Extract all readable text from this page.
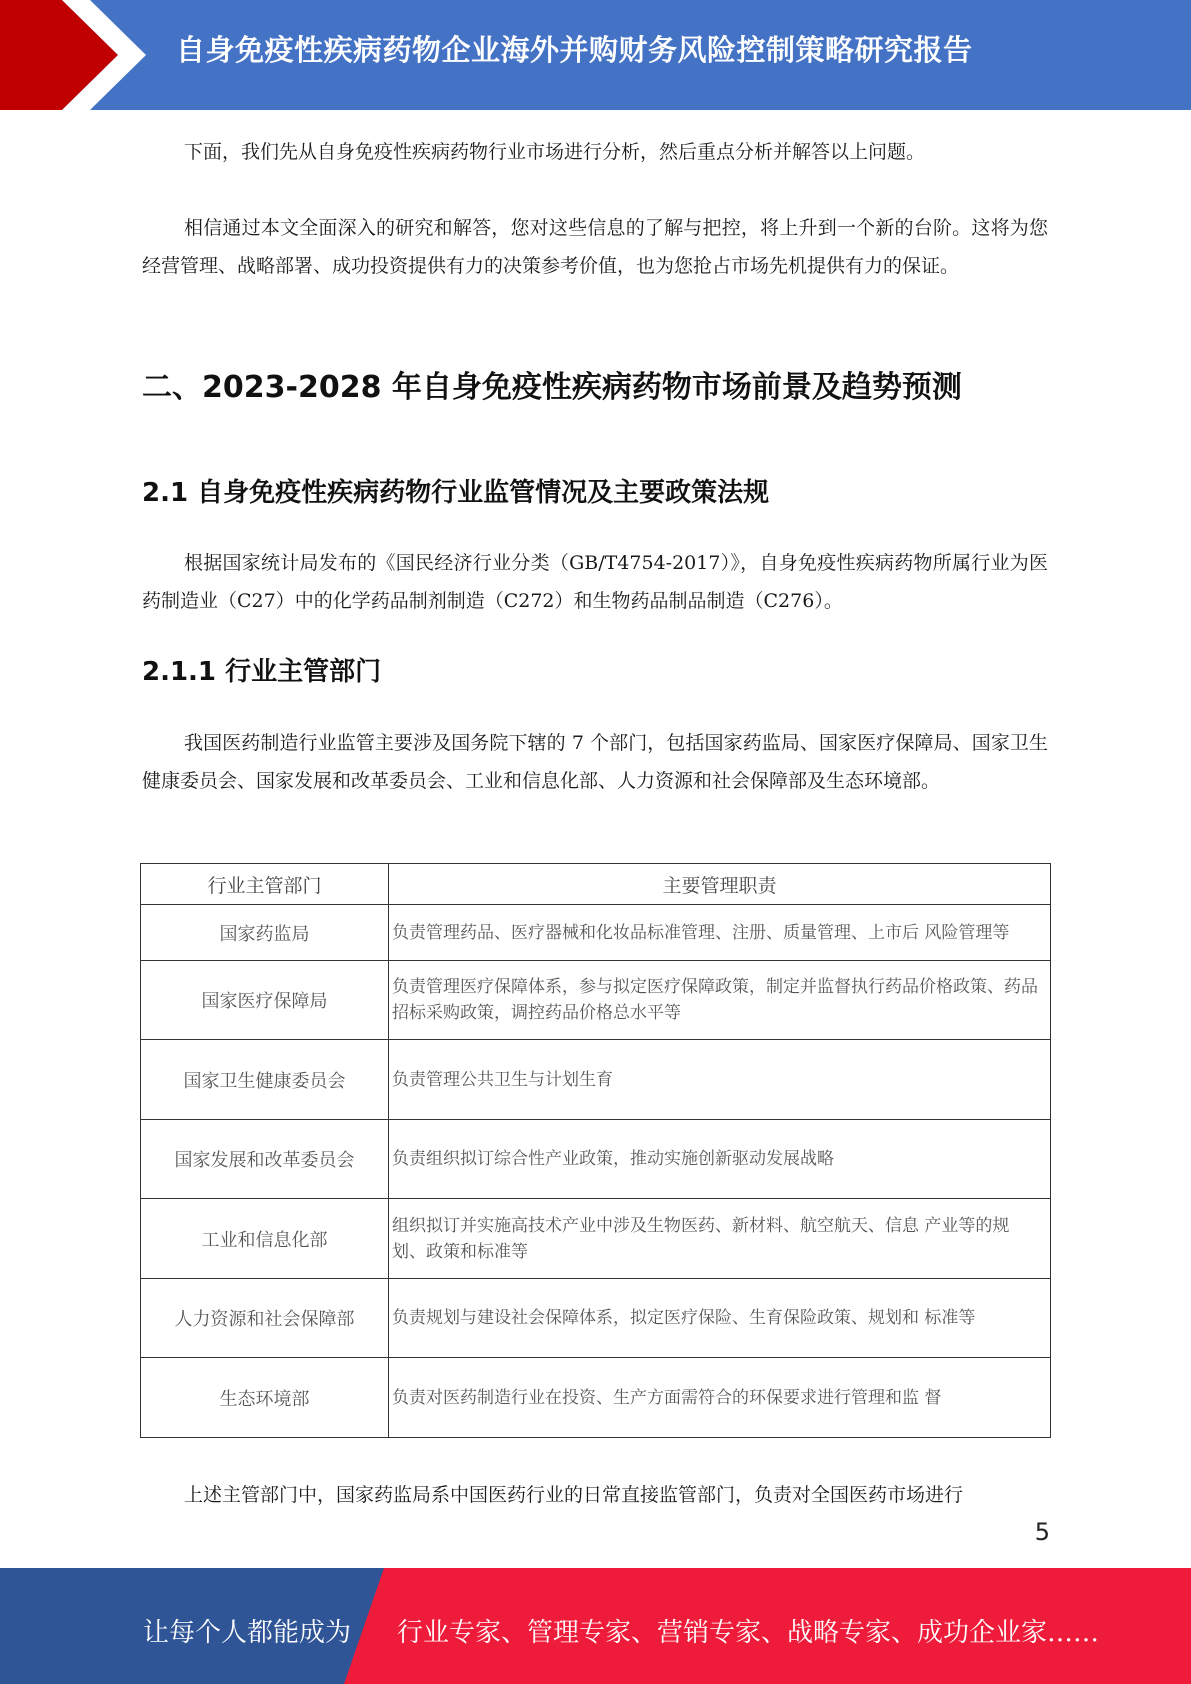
自身免疫性疾病药物企业海外并购财务风险控制策略研究报告

下面，我们先从自身免疫性疾病药物行业市场进行分析，然后重点分析并解答以上问题。

相信通过本文全面深入的研究和解答，您对这些信息的了解与把控，将上升到一个新的台阶。这将为您经营管理、战略部署、成功投资提供有力的决策参考价值，也为您抢占市场先机提供有力的保证。

二、2023-2028 年自身免疫性疾病药物市场前景及趋势预测
2.1 自身免疫性疾病药物行业监管情况及主要政策法规

根据国家统计局发布的《国民经济行业分类（GB/T4754-2017）》，自身免疫性疾病药物所属行业为医药制造业（C27）中的化学药品制剂制造（C272）和生物药品制品制造（C276）。

2.1.1 行业主管部门

我国医药制造行业监管主要涉及国务院下辖的 7 个部门，包括国家药监局、国家医疗保障局、国家卫生健康委员会、国家发展和改革委员会、工业和信息化部、人力资源和社会保障部及生态环境部。

行业主管部门	主要管理职责
国家药监局	负责管理药品、医疗器械和化妆品标准管理、注册、质量管理、上市后 风险管理等
国家医疗保障局	负责管理医疗保障体系，参与拟定医疗保障政策，制定并监督执行药品价格政策、药品招标采购政策，调控药品价格总水平等
国家卫生健康委员会	负责管理公共卫生与计划生育
国家发展和改革委员会	负责组织拟订综合性产业政策，推动实施创新驱动发展战略
工业和信息化部	组织拟订并实施高技术产业中涉及生物医药、新材料、航空航天、信息 产业等的规划、政策和标准等
人力资源和社会保障部	负责规划与建设社会保障体系，拟定医疗保险、生育保险政策、规划和 标准等
生态环境部	负责对医药制造行业在投资、生产方面需符合的环保要求进行管理和监 督

上述主管部门中，国家药监局系中国医药行业的日常直接监管部门，负责对全国医药市场进行

5
让每个人都能成为 行业专家、管理专家、营销专家、战略专家、成功企业家……
